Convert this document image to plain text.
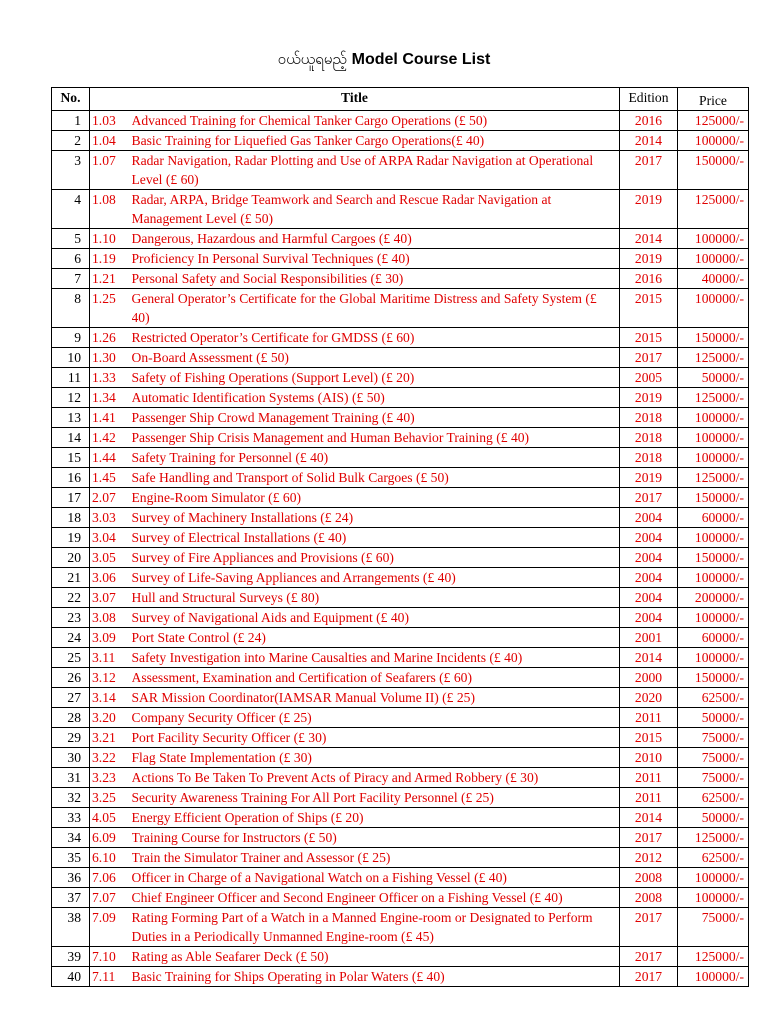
ဝယ်ယူရမည့် Model Course List
No.	Title		Edition	Price
1	1.03	Advanced Training for Chemical Tanker Cargo Operations (£ 50)	2016	125000/-
2	1.04	Basic Training for Liquefied Gas Tanker Cargo Operations(£ 40)	2014	100000/-
3	1.07	Radar Navigation, Radar Plotting and Use of ARPA Radar Navigation at Operational Level (£ 60)	2017	150000/-
4	1.08	Radar, ARPA, Bridge Teamwork and Search and Rescue Radar Navigation at Management Level (£ 50)	2019	125000/-
5	1.10	Dangerous, Hazardous and Harmful Cargoes (£ 40)	2014	100000/-
6	1.19	Proficiency In Personal Survival Techniques (£ 40)	2019	100000/-
7	1.21	Personal Safety and Social Responsibilities (£ 30)	2016	40000/-
8	1.25	General Operator’s Certificate for the Global Maritime Distress and Safety System (£ 40)	2015	100000/-
9	1.26	Restricted Operator’s Certificate for GMDSS (£ 60)	2015	150000/-
10	1.30	On-Board Assessment (£ 50)	2017	125000/-
11	1.33	Safety of Fishing Operations (Support Level) (£ 20)	2005	50000/-
12	1.34	Automatic Identification Systems (AIS) (£ 50)	2019	125000/-
13	1.41	Passenger Ship Crowd Management Training (£ 40)	2018	100000/-
14	1.42	Passenger Ship Crisis Management and Human Behavior Training (£ 40)	2018	100000/-
15	1.44	Safety Training for Personnel (£ 40)	2018	100000/-
16	1.45	Safe Handling and Transport of Solid Bulk Cargoes (£ 50)	2019	125000/-
17	2.07	Engine-Room Simulator (£ 60)	2017	150000/-
18	3.03	Survey of Machinery Installations (£ 24)	2004	60000/-
19	3.04	Survey of Electrical Installations (£ 40)	2004	100000/-
20	3.05	Survey of Fire Appliances and Provisions (£ 60)	2004	150000/-
21	3.06	Survey of Life-Saving Appliances and Arrangements (£ 40)	2004	100000/-
22	3.07	Hull and Structural Surveys (£ 80)	2004	200000/-
23	3.08	Survey of Navigational Aids and Equipment (£ 40)	2004	100000/-
24	3.09	Port State Control (£ 24)	2001	60000/-
25	3.11	Safety Investigation into Marine Causalties and Marine Incidents (£ 40)	2014	100000/-
26	3.12	Assessment, Examination and Certification of Seafarers (£ 60)	2000	150000/-
27	3.14	SAR Mission Coordinator(IAMSAR Manual Volume II) (£ 25)	2020	62500/-
28	3.20	Company Security Officer (£ 25)	2011	50000/-
29	3.21	Port Facility Security Officer (£ 30)	2015	75000/-
30	3.22	Flag State Implementation (£ 30)	2010	75000/-
31	3.23	Actions To Be Taken To Prevent Acts of Piracy and Armed Robbery (£ 30)	2011	75000/-
32	3.25	Security Awareness Training For All Port Facility Personnel (£ 25)	2011	62500/-
33	4.05	Energy Efficient Operation of Ships (£ 20)	2014	50000/-
34	6.09	Training Course for Instructors (£ 50)	2017	125000/-
35	6.10	Train the Simulator Trainer and Assessor (£ 25)	2012	62500/-
36	7.06	Officer in Charge of a Navigational Watch on a Fishing Vessel (£ 40)	2008	100000/-
37	7.07	Chief Engineer Officer and Second Engineer Officer on a Fishing Vessel (£ 40)	2008	100000/-
38	7.09	Rating Forming Part of a Watch in a Manned Engine-room or Designated to Perform Duties in a Periodically Unmanned Engine-room (£ 45)	2017	75000/-
39	7.10	Rating as Able Seafarer Deck (£ 50)	2017	125000/-
40	7.11	Basic Training for Ships Operating in Polar Waters (£ 40)	2017	100000/-
